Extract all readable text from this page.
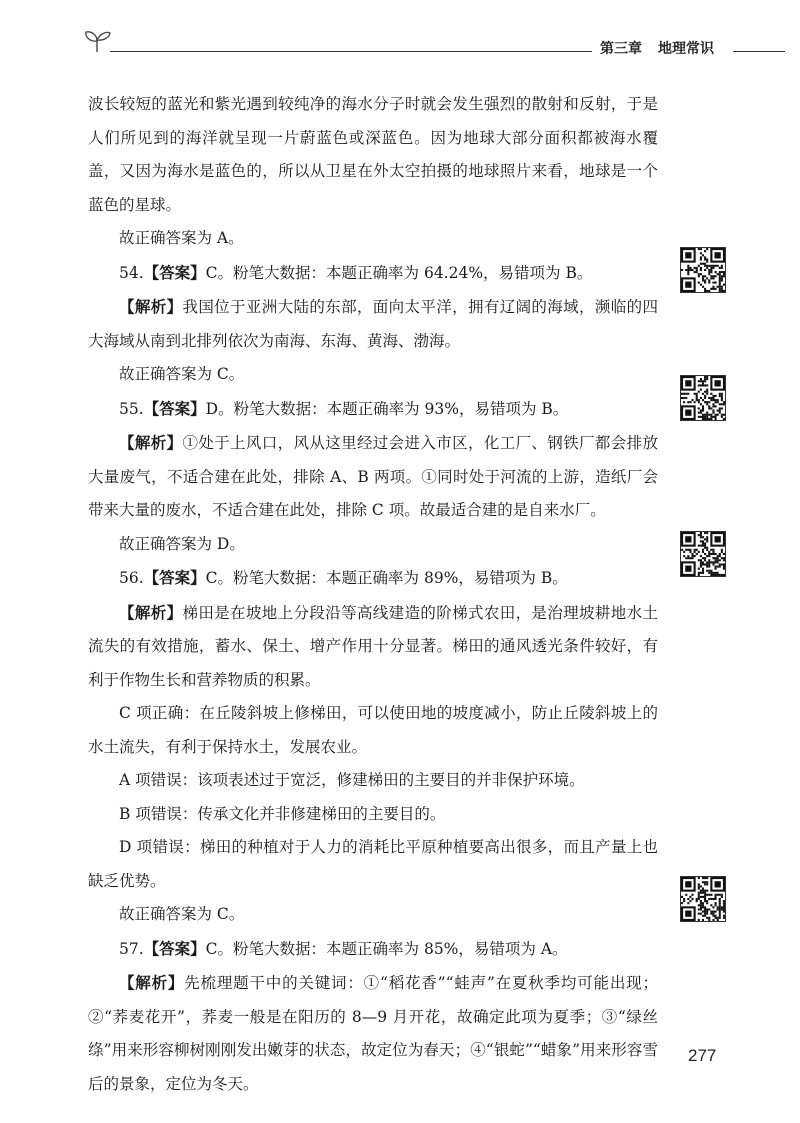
第三章 地理常识

波长较短的蓝光和紫光遇到较纯净的海水分子时就会发生强烈的散射和反射，于是人们所见到的海洋就呈现一片蔚蓝色或深蓝色。因为地球大部分面积都被海水覆盖，又因为海水是蓝色的，所以从卫星在外太空拍摄的地球照片来看，地球是一个蓝色的星球。

故正确答案为 A。

54.【答案】C。粉笔大数据：本题正确率为 64.24%，易错项为 B。

【解析】我国位于亚洲大陆的东部，面向太平洋，拥有辽阔的海域，濒临的四大海域从南到北排列依次为南海、东海、黄海、渤海。

故正确答案为 C。

55.【答案】D。粉笔大数据：本题正确率为 93%，易错项为 B。

【解析】①处于上风口，风从这里经过会进入市区，化工厂、钢铁厂都会排放大量废气，不适合建在此处，排除 A、B 两项。①同时处于河流的上游，造纸厂会带来大量的废水，不适合建在此处，排除 C 项。故最适合建的是自来水厂。

故正确答案为 D。

56.【答案】C。粉笔大数据：本题正确率为 89%，易错项为 B。

【解析】梯田是在坡地上分段沿等高线建造的阶梯式农田，是治理坡耕地水土流失的有效措施，蓄水、保土、增产作用十分显著。梯田的通风透光条件较好，有利于作物生长和营养物质的积累。

C 项正确：在丘陵斜坡上修梯田，可以使田地的坡度减小，防止丘陵斜坡上的水土流失，有利于保持水土，发展农业。

A 项错误：该项表述过于宽泛，修建梯田的主要目的并非保护环境。

B 项错误：传承文化并非修建梯田的主要目的。

D 项错误：梯田的种植对于人力的消耗比平原种植要高出很多，而且产量上也缺乏优势。

故正确答案为 C。

57.【答案】C。粉笔大数据：本题正确率为 85%，易错项为 A。

【解析】先梳理题干中的关键词：①“稻花香”“蛙声”在夏秋季均可能出现；②“荞麦花开”，荞麦一般是在阳历的 8—9 月开花，故确定此项为夏季；③“绿丝绦”用来形容柳树刚刚发出嫩芽的状态，故定位为春天；④“银蛇”“蜡象”用来形容雪后的景象，定位为冬天。

277
